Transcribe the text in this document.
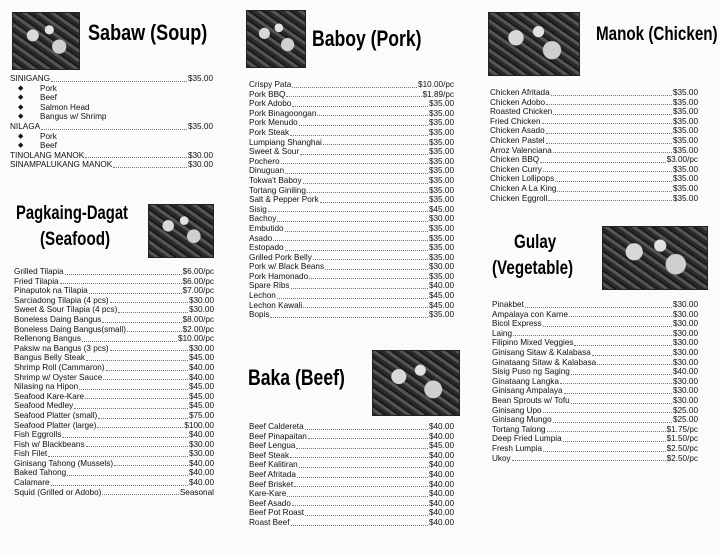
Sabaw (Soup)
SINIGANG	$35.00
◆	Pork
◆	Beef
◆	Salmon Head
◆	Bangus w/ Shrimp
NILAGA	$35.00
◆	Pork
◆	Beef
TINOLANG MANOK	$30.00
SINAMPALUKANG MANOK	$30.00
Pagkaing-Dagat
(Seafood)
Grilled Tilapia	$6.00/pc
Fried Tilapia	$6.00/pc
Pinaputok na Tilapia	$7.00/pc
Sarciadong Tilapia (4 pcs)	$30.00
Sweet & Sour Tilapia (4 pcs)	$30.00
Boneless Daing Bangus	$8.00/pc
Boneless Daing Bangus(small)	$2.00/pc
Rellenong Bangus	$10.00/pc
Paksiw na Bangus (3 pcs)	$30.00
Bangus Belly Steak	$45.00
Shrimp Roll (Cammaron)	$40.00
Shrimp w/ Oyster Sauce	$40.00
Nilasing na Hipon	$45.00
Seafood Kare-Kare	$45.00
Seafood Medley	$45.00
Seafood Platter (small)	$75.00
Seafood Platter (large)	$100.00
Fish Eggrolls	$40.00
Fish w/ Blackbeans	$30.00
Fish Filet	$30.00
Ginisang Tahong (Mussels)	$40.00
Baked Tahong	$40.00
Calamare	$40.00
Squid (Grilled or Adobo)	Seasonal
Baboy (Pork)
Crispy Pata	$10.00/pc
Pork BBQ	$1.89/pc
Pork Adobo	$35.00
Pork Binagoongan	$35.00
Pork Menudo	$35.00
Pork Steak	$35.00
Lumpiang Shanghai	$35.00
Sweet & Sour	$35.00
Pochero	$35.00
Dinuguan	$35.00
Tokwa't Baboy	$35.00
Tortang Giniling	$35.00
Salt & Pepper Pork	$35.00
Sisig	$45.00
Bachoy	$30.00
Embutido	$35.00
Asado	$35.00
Estopado	$35.00
Grilled Pork Belly	$35.00
Pork w/ Black Beans	$30.00
Pork Hamonado	$35.00
Spare Ribs	$40.00
Lechon	$45.00
Lechon Kawali	$45.00
Bopis	$35.00
Baka (Beef)
Beef Caldereta	$40.00
Beef Pinapaitan	$40.00
Beef Lengua	$45.00
Beef Steak	$40.00
Beef Kalitiran	$40.00
Beef Afritada	$40.00
Beef Brisket	$40.00
Kare-Kare	$40.00
Beef Asado	$40.00
Beef Pot Roast	$40.00
Roast Beef	$40.00
Manok (Chicken)
Chicken Afritada	$35.00
Chicken Adobo	$35.00
Roasted Chicken	$35.00
Fried Chicken	$35.00
Chicken Asado	$35.00
Chicken Pastel	$35.00
Arroz Valenciana	$35.00
Chicken BBQ	$3.00/pc
Chicken Curry	$35.00
Chicken Lollipops	$35.00
Chicken A La King	$35.00
Chicken Eggroll	$35.00
Gulay
(Vegetable)
Pinakbet	$30.00
Ampalaya con Karne	$30.00
Bicol Express	$30.00
Laing	$30.00
Filipino Mixed Veggies	$30.00
Ginisang Sitaw & Kalabasa	$30.00
Ginataang Sitaw & Kalabasa	$30.00
Sisig Puso ng Saging	$40.00
Ginataang Langka	$30.00
Ginisang Ampalaya	$30.00
Bean Sprouts w/ Tofu	$30.00
Ginisang Upo	$25.00
Ginisang Mungo	$25.00
Tortang Talong	$1.75/pc
Deep Fried Lumpia	$1.50/pc
Fresh Lumpia	$2.50/pc
Ukoy	$2.50/pc
